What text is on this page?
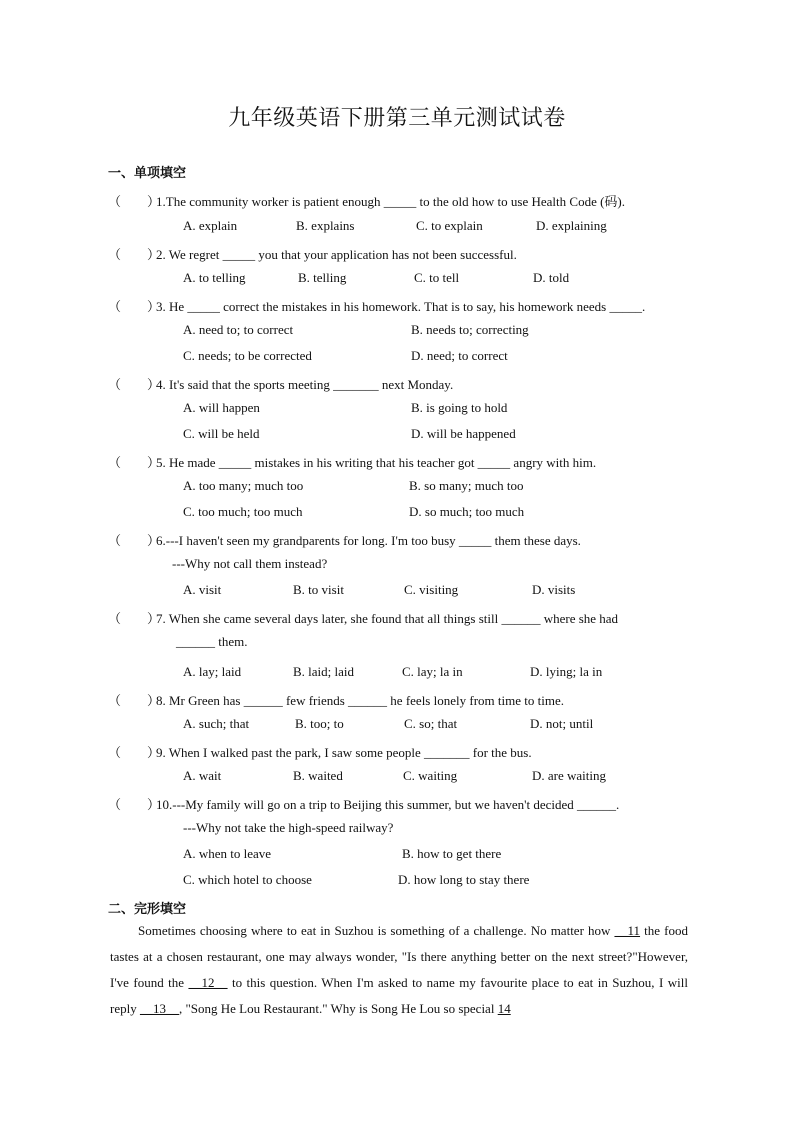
九年级英语下册第三单元测试试卷
一、单项填空
（　　）1.The community worker is patient enough _____ to the old how to use Health Code (码).
A. explain	B. explains	C. to explain	D. explaining
（　　）2. We regret _____ you that your application has not been successful.
A. to telling	B. telling	C. to tell	D. told
（　　）3. He _____ correct the mistakes in his homework. That is to say, his homework needs _____.
A. need to; to correct	B. needs to; correcting
C. needs; to be corrected	D. need; to correct
（　　）4. It's said that the sports meeting _______ next Monday.
A. will happen	B. is going to hold
C. will be held	D. will be happened
（　　）5. He made _____ mistakes in his writing that his teacher got _____ angry with him.
A. too many; much too	B. so many; much too
C. too much; too much	D. so much; too much
（　　）6.---I haven't seen my grandparents for long. I'm too busy _____ them these days.
---Why not call them instead?
A. visit	B. to visit	C. visiting	D. visits
（　　）7. When she came several days later, she found that all things still ______ where she had
______ them.
A. lay; laid	B. laid; laid	C. lay; la in	D. lying; la in
（　　）8. Mr Green has ______ few friends ______ he feels lonely from time to time.
A. such; that	B. too; to	C. so; that	D. not; until
（　　）9. When I walked past the park, I saw some people _______ for the bus.
A. wait	B. waited	C. waiting	D. are waiting
（　　）10.---My family will go on a trip to Beijing this summer, but we haven't decided ______.
---Why not take the high-speed railway?
A. when to leave	B. how to get there
C. which hotel to choose	D. how long to stay there
二、完形填空
Sometimes choosing where to eat in Suzhou is something of a challenge. No matter how __11 the food tastes at a chosen restaurant, one may always wonder, "Is there anything better on the next street?"However, I've found the __12__ to this question. When I'm asked to name my favourite place to eat in Suzhou, I will reply __13__, "Song He Lou Restaurant." Why is Song He Lou so special 14
